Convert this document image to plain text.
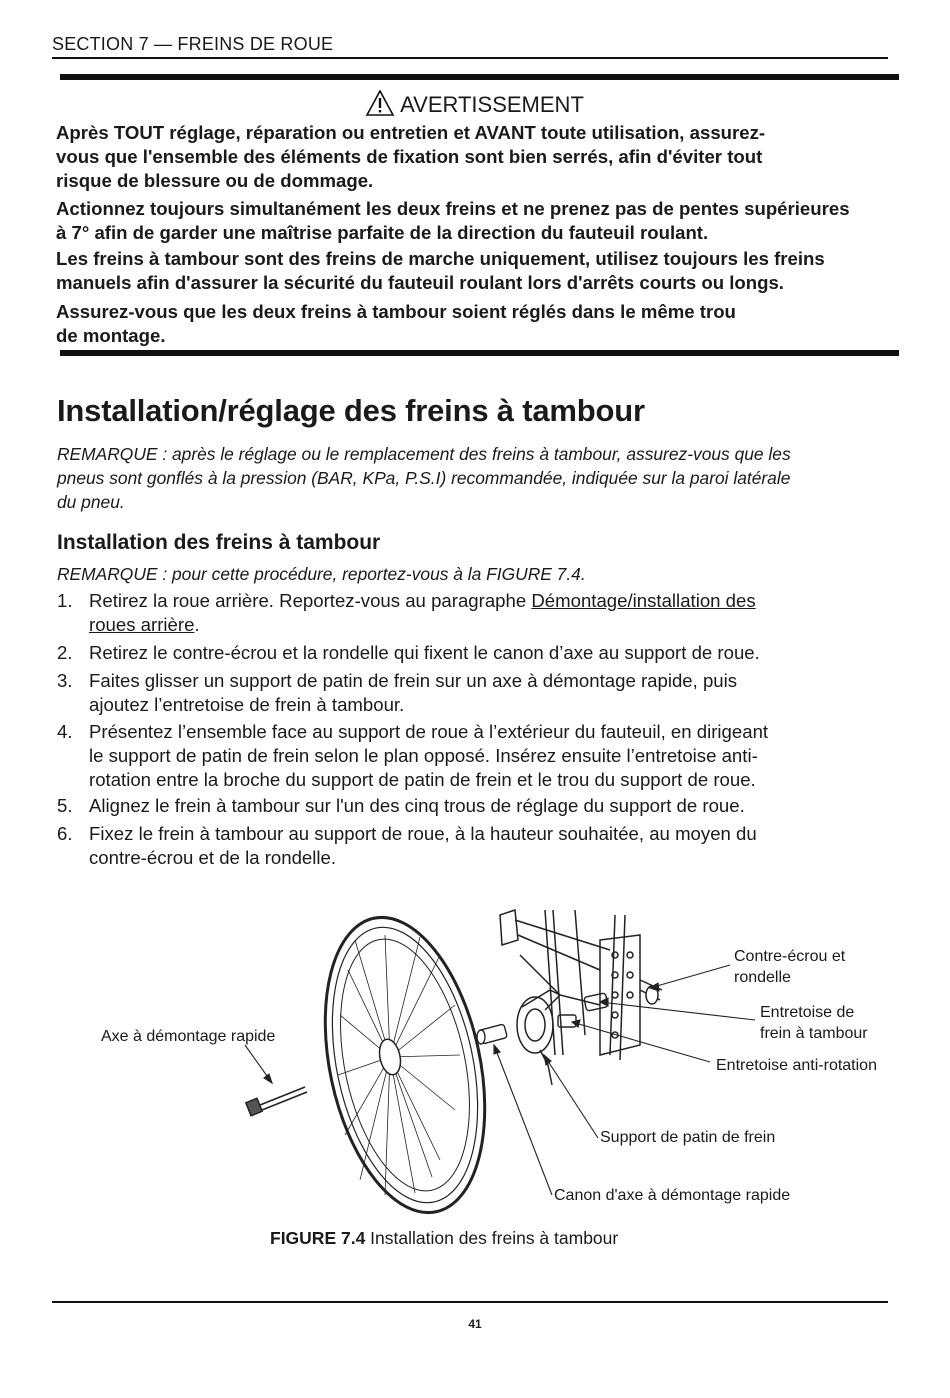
SECTION 7 — FREINS DE ROUE
AVERTISSEMENT
Après TOUT réglage, réparation ou entretien et AVANT toute utilisation, assurez-
vous que l'ensemble des éléments de fixation sont bien serrés, afin d'éviter tout
risque de blessure ou de dommage.
Actionnez toujours simultanément les deux freins et ne prenez pas de pentes supérieures
à 7° afin de garder une maîtrise parfaite de la direction du fauteuil roulant.
Les freins à tambour sont des freins de marche uniquement, utilisez toujours les freins
manuels afin d'assurer la sécurité du fauteuil roulant lors d'arrêts courts ou longs.
Assurez-vous que les deux freins à tambour soient réglés dans le même trou
de montage.
Installation/réglage des freins à tambour
REMARQUE : après le réglage ou le remplacement des freins à tambour, assurez-vous que les
pneus sont gonflés à la pression (BAR, KPa, P.S.I) recommandée, indiquée sur la paroi latérale
du pneu.
Installation des freins à tambour
REMARQUE : pour cette procédure, reportez-vous à la FIGURE 7.4.
1. Retirez la roue arrière. Reportez-vous au paragraphe Démontage/installation des
roues arrière.
2. Retirez le contre-écrou et la rondelle qui fixent le canon d’axe au support de roue.
3. Faites glisser un support de patin de frein sur un axe à démontage rapide, puis
ajoutez l’entretoise de frein à tambour.
4. Présentez l’ensemble face au support de roue à l’extérieur du fauteuil, en dirigeant
le support de patin de frein selon le plan opposé. Insérez ensuite l’entretoise anti-
rotation entre la broche du support de patin de frein et le trou du support de roue.
5. Alignez le frein à tambour sur l'un des cinq trous de réglage du support de roue.
6. Fixez le frein à tambour au support de roue, à la hauteur souhaitée, au moyen du
contre-écrou et de la rondelle.
Contre-écrou et
rondelle
Entretoise de
frein à tambour
Entretoise anti-rotation
Axe à démontage rapide
Support de patin de frein
Canon d'axe à démontage rapide
FIGURE 7.4 Installation des freins à tambour
41
